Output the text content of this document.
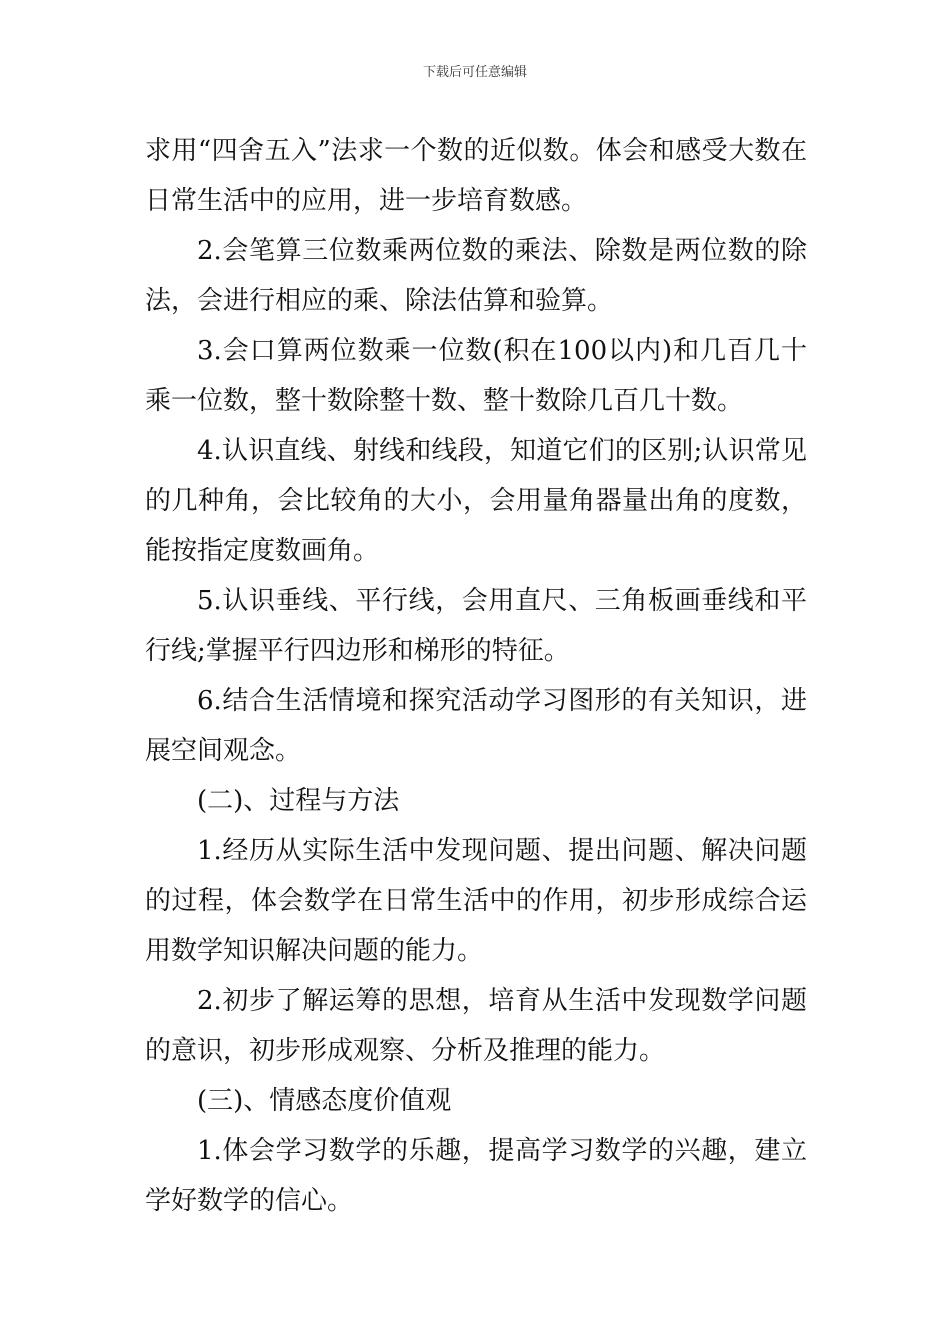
下载后可任意编辑

求用“四舍五入”法求一个数的近似数。体会和感受大数在日常生活中的应用，进一步培育数感。

2.会笔算三位数乘两位数的乘法、除数是两位数的除法，会进行相应的乘、除法估算和验算。

3.会口算两位数乘一位数(积在100以内)和几百几十乘一位数，整十数除整十数、整十数除几百几十数。

4.认识直线、射线和线段，知道它们的区别;认识常见的几种角，会比较角的大小，会用量角器量出角的度数，能按指定度数画角。

5.认识垂线、平行线，会用直尺、三角板画垂线和平行线;掌握平行四边形和梯形的特征。

6.结合生活情境和探究活动学习图形的有关知识，进展空间观念。

(二)、过程与方法

1.经历从实际生活中发现问题、提出问题、解决问题的过程，体会数学在日常生活中的作用，初步形成综合运用数学知识解决问题的能力。

2.初步了解运筹的思想，培育从生活中发现数学问题的意识，初步形成观察、分析及推理的能力。

(三)、情感态度价值观

1.体会学习数学的乐趣，提高学习数学的兴趣，建立学好数学的信心。
